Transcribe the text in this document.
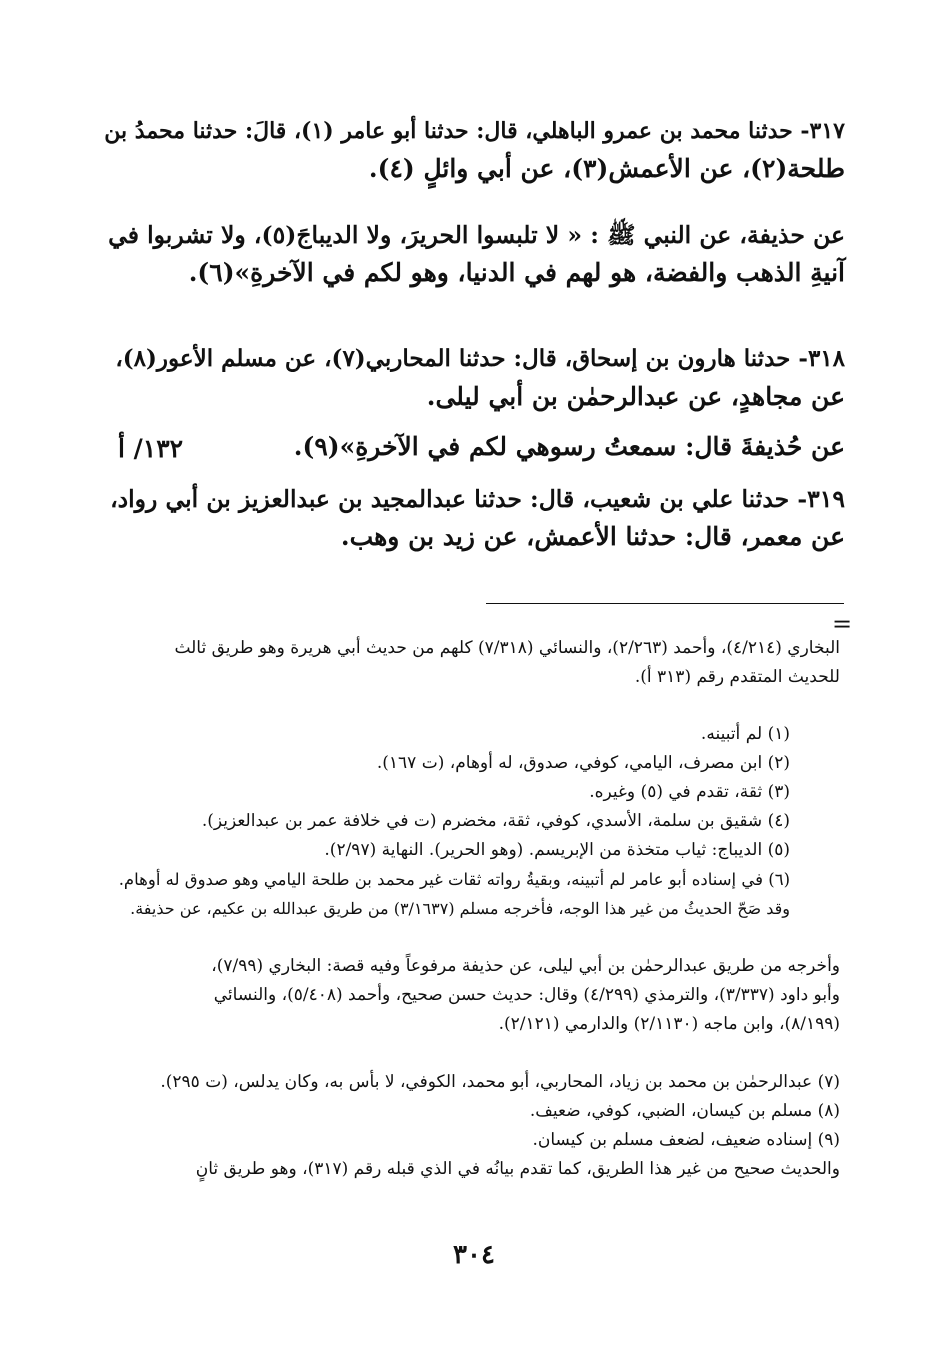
٣١٧- حدثنا محمد بن عمرو الباهلي، قال: حدثنا أبو عامر (١)، قالَ: حدثنا محمدُ بن
طلحة(٢)، عن الأعمش(٣)، عن أبي وائلٍ (٤).
عن حذيفة، عن النبي ﷺ : « لا تلبسوا الحريرَ، ولا الديباجَ(٥)، ولا تشربوا في
آنيةِ الذهب والفضة، هو لهم في الدنيا، وهو لكم في الآخرةِ»(٦).
٣١٨- حدثنا هارون بن إسحاق، قال: حدثنا المحاربي(٧)، عن مسلم الأعور(٨)،
عن مجاهدٍ، عن عبدالرحمٰن بن أبي ليلى.
عن حُذيفةَ قال: سمعتُ رسوهي لكم في الآخرةِ»(٩).
١٣٢/ أ
٣١٩- حدثنا علي بن شعيب، قال: حدثنا عبدالمجيد بن عبدالعزيز بن أبي رواد،
عن معمر، قال: حدثنا الأعمش، عن زيد بن وهب.
=
البخاري (٤/٢١٤)، وأحمد (٢/٢٦٣)، والنسائي (٧/٣١٨) كلهم من حديث أبي هريرة وهو طريق ثالث
للحديث المتقدم رقم (٣١٣ أ).
(١) لم أتبينه.
(٢) ابن مصرف، اليامي، كوفي، صدوق، له أوهام، (ت ١٦٧).
(٣) ثقة، تقدم في (٥) وغيره.
(٤) شقيق بن سلمة، الأسدي، كوفي، ثقة، مخضرم (ت في خلافة عمر بن عبدالعزيز).
(٥) الديباج: ثياب متخذة من الإبريسم. (وهو الحرير). النهاية (٢/٩٧).
(٦) في إسناده أبو عامر لم أتبينه، وبقيةُ رواته ثقات غير محمد بن طلحة اليامي وهو صدوق له أوهام.
وقد صَحّ الحديثُ من غير هذا الوجه، فأخرجه مسلم (٣/١٦٣٧) من طريق عبدالله بن عكيم، عن حذيفة.
وأخرجه من طريق عبدالرحمٰن بن أبي ليلى، عن حذيفة مرفوعاً وفيه قصة: البخاري (٧/٩٩)،
وأبو داود (٣/٣٣٧)، والترمذي (٤/٢٩٩) وقال: حديث حسن صحيح، وأحمد (٥/٤٠٨)، والنسائي
(٨/١٩٩)، وابن ماجه (٢/١١٣٠) والدارمي (٢/١٢١).
(٧) عبدالرحمٰن بن محمد بن زياد، المحاربي، أبو محمد، الكوفي، لا بأس به، وكان يدلس، (ت ٢٩٥).
(٨) مسلم بن كيسان، الضبي، كوفي، ضعيف.
(٩) إسناده ضعيف، لضعف مسلم بن كيسان.
والحديث صحيح من غير هذا الطريق، كما تقدم بيانُه في الذي قبله رقم (٣١٧)، وهو طريق ثانٍ
٣٠٤
